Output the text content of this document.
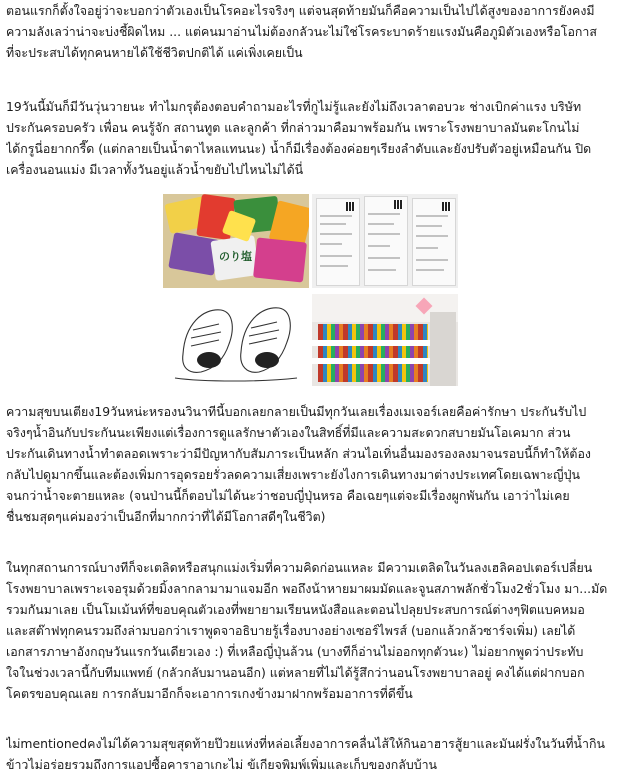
ตอนแรกก็ตั้งใจอยู่ว่าจะบอกว่าตัวเองเป็นโรคอะไรจริงๆ แต่จนสุดท้ายมันก็คือความเป็นไปได้สูงของอาการยังคงมี
ความลังเลว่าน่าจะบ่งชี้ผิดไหม ... แต่คนมาอ่านไม่ต้องกลัวนะไม่ใช่โรคระบาดร้ายแรงมันคือภูมิตัวเองหรือโอกาส
ที่จะประสบได้ทุกคนหายได้ใช้ชีวิตปกติได้ แค่เพิ่งเคยเป็น
19วันนี้มันก็มีวันวุ่นวายนะ ทำไมกรุต้องตอบคำถามอะไรที่กูไม่รู้และยังไม่ถึงเวลาตอบวะ ช่างเบิกค่าแรง บริษัท
ประกันครอบครัว เพื่อน คนรู้จัก สถานทูต และลูกค้า ที่กล่าวมาคือมาพร้อมกัน เพราะโรงพยาบาลมันตะโกนไม่
ได้กรูนี่อยากกรี๊ด (แต่กลายเป็นน้ำตาไหลแทนนะ) น้ำก็มีเรื่องต้องค่อยๆเรียงลำดับและยังปรับตัวอยู่เหมือนกัน ปิด
เครื่องนอนแม่ง มีเวลาทั้งวันอยู่แล้วน้ำขยับไปไหนไม่ได้นี่
のり塩
ความสุขบนเตียง19วันหน่ะหรองนวินาทีนี้บอกเลยกลายเป็นมีทุกวันเลยเรื่องเมเจอร์เลยคือค่ารักษา ประกันรับไป
จริงๆน้ำอินกับประกันนะเพียงแต่เรื่องการดูแลรักษาตัวเองในสิทธิ์ที่มีและความสะดวกสบายมันโอเคมาก ส่วน
ประกันเดินทางน้ำทำตลอดเพราะว่ามีปัญหากับสัมภาระเป็นหลัก ส่วนไอเทิ่นอื่นมองรองลงมาจนรอบนี้ก็ทำให้ต้อง
กลับไปดูมากขึ้นและต้องเพิ่มการอุดรอยรั่วลดความเสี่ยงเพราะยังไงการเดินทางมาต่างประเทศโดยเฉพาะญี่ปุ่น
จนกว่าน้ำจะตายแหละ (จนป่านนี้ก็ตอบไม่ได้นะว่าชอบญี่ปุ่นหรอ คือเฉยๆแต่จะมีเรื่องผูกพันกัน เอาว่าไม่เคย
ชื่นชมสุดๆแค่มองว่าเป็นอีกที่มากกว่าที่ได้มีโอกาสดีๆในชีวิต)
ในทุกสถานการณ์บางทีก็จะเตลิดหรือสนุกแม่งเริ่มที่ความคิดก่อนแหละ มีความเตลิดในวันลงเฮลิคอปเตอร์เปลี่ยน
โรงพยาบาลเพราะเจอรุมด้วยมิ้งลากลามามาแจมอีก พอถึงน้าหายมาผมมัดและจูนสภาพลักชั่วโมง2ชั่วโมง มา...มัด
รวมกันมาเลย เป็นโมเม้นท์ที่ขอบคุณตัวเองที่พยายามเรียนหนังสือและตอนไปลุยประสบการณ์ต่างๆฟิตแบคหมอ
และสต๊าฟทุกคนรวมถึงล่ามบอกว่าเราพูดจาอธิบายรู้เรื่องบางอย่างเซอร์ไพรส์ (บอกแล้วกล้วซาร์จเพิ่ม) เลยได้
เอกสารภาษาอังกฤษวันแรกวันเดียวเอง :) ที่เหลือญี่ปุ่นล้วน (บางทีก็อ่านไม่ออกทุกตัวนะ) ไม่อยากพูดว่าประทับ
ใจในช่วงเวลานี้กับทีมแพทย์ (กลัวกลับมานอนอีก) แต่หลายที่ไม่ได้รู้สึกว่านอนโรงพยาบาลอยู่ คงได้แต่ฝากบอก
โคตรขอบคุณเลย การกลับมาอีกก็จะเอาการเกงข้างมาฝากพร้อมอาการที่ดีขึ้น
ไม่mentionedคงไม่ได้ความสุขสุดท้ายป๊วยแห่งที่หล่อเลี้ยงอาการคลื่นไส้ให้กินอาฮารสู้ยาและมันฝรั่งในวันที่น้ำกิน
ข้าวไม่อร่อยรวมถึงการแอปซื้อคาราอาเกะไม่ ข้เกียจพิมพ์เพิ่มและเก็บของกลับบ้าน
